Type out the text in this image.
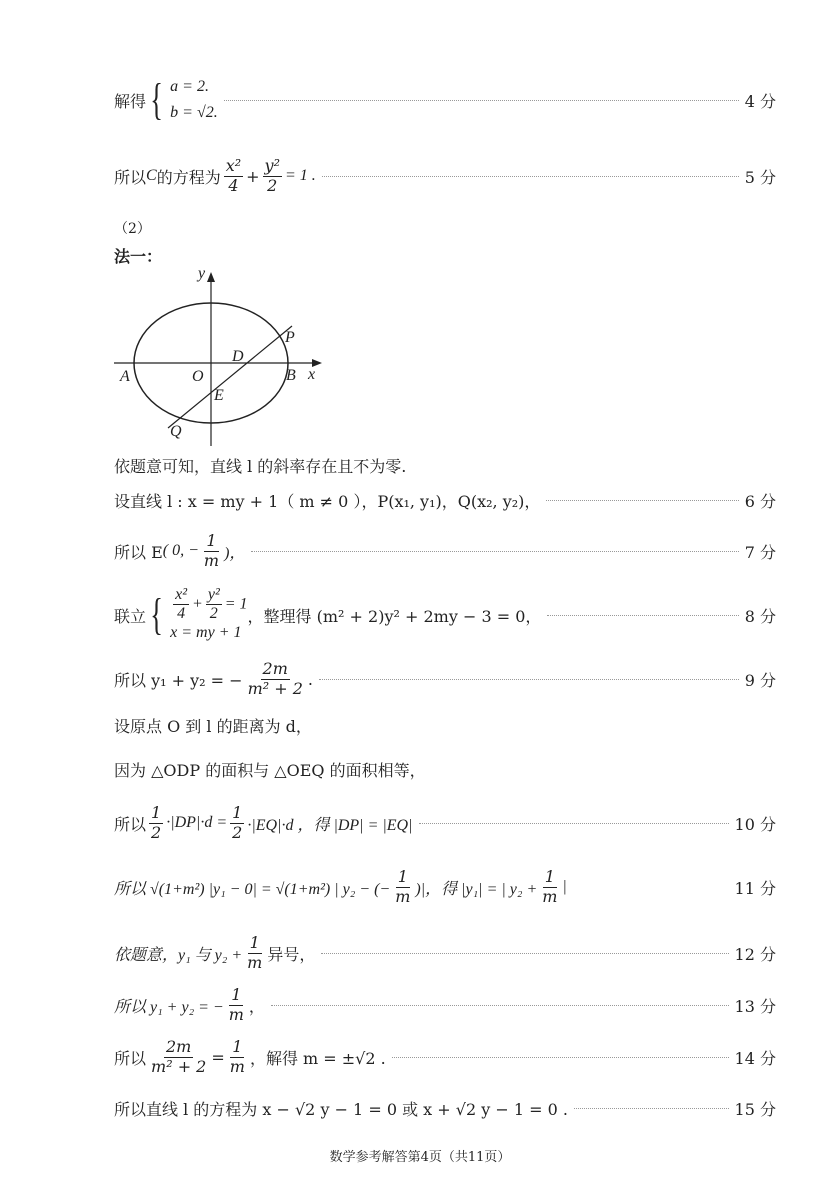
解得 { a = 2.
b = √2.
4 分
所以 C 的方程为 $\frac{\text{x²}}{4} + \frac{\text{y²}}{2} = 1$ .	5 分
（2）
法一：
y
x
A	O	B
D
E
P
Q
依题意可知，直线 l 的斜率存在且不为零.
设直线 l : x = my + 1（ m ≠ 0 ），P(x₁, y₁)，Q(x₂, y₂)，	6 分
所以 E ( 0, − $\frac{1}{m}$ )，	7 分
联立 { $\frac{\text{x²}}{4} + \frac{\text{y²}}{2} = 1$
x = my + 1
，整理得 (m² + 2)y² + 2my − 3 = 0，	8 分
所以 y₁ + y₂ = − $\frac{2m}{\text{m² + 2}}$ .	9 分
设原点 O 到 l 的距离为 d，
因为 △ODP 的面积与 △OEQ 的面积相等，
所以 $\frac{1}{2} \cdot|DP|\cdot d = \frac{1}{2} \cdot|EQ|\cdot d$ ，得 |DP| = |EQ|	10 分
所以 √(1+m²) |y₁ − 0| = √(1+m²) | y₂ − (− $\frac{1}{m}$ )|，得 |y₁| = | $y_2 + \frac{1}{m}$ |	11 分
依题意，y₁ 与 $y_2 + \frac{1}{m}$ 异号，	12 分
所以 y₁ + y₂ = − $\frac{1}{m}$ ，	13 分
所以 $\frac{2m}{\text{m² + 2}} = \frac{1}{m}$ ，解得 m = ±√2 .	14 分
所以直线 l 的方程为 x − √2 y − 1 = 0 或 x + √2 y − 1 = 0 .	15 分
数学参考解答第4页（共11页）
